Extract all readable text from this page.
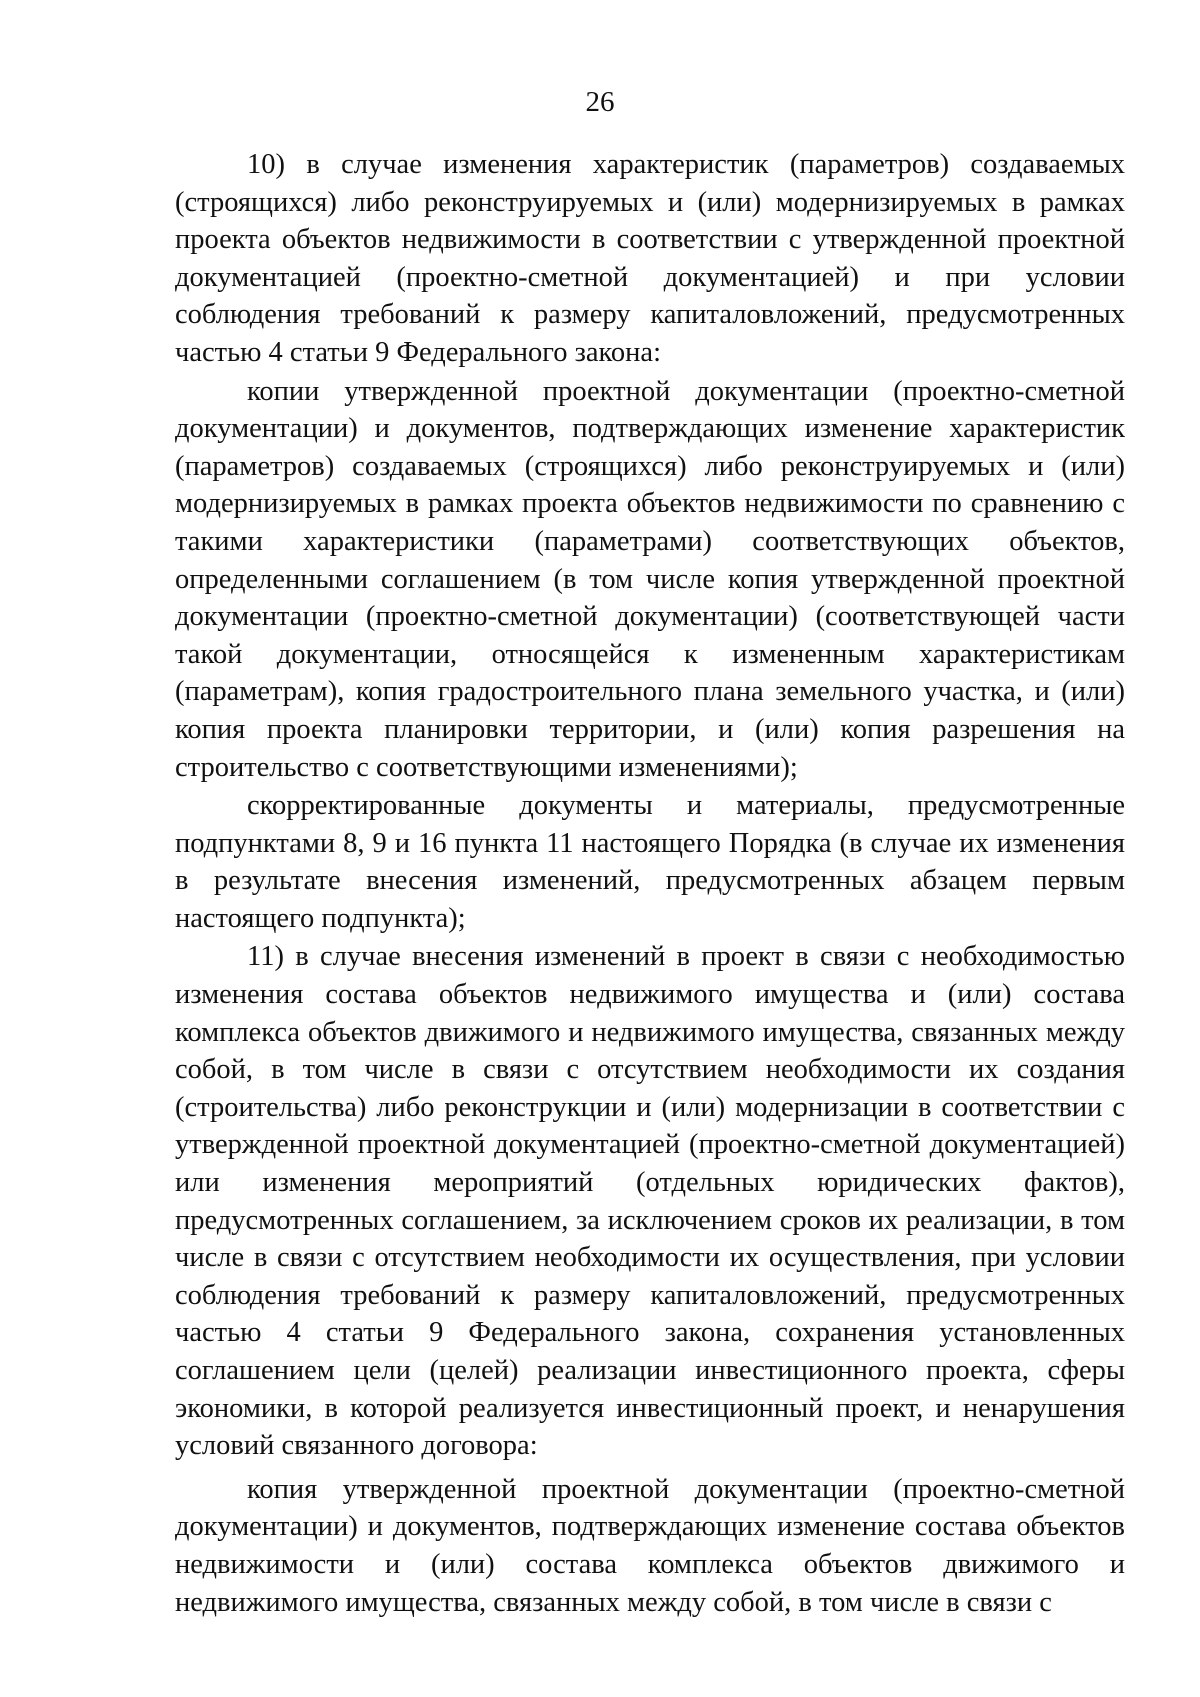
26

10) в случае изменения характеристик (параметров) создаваемых (строящихся) либо реконструируемых и (или) модернизируемых в рамках проекта объектов недвижимости в соответствии с утвержденной проектной документацией (проектно-сметной документацией) и при условии соблюдения требований к размеру капиталовложений, предусмотренных частью 4 статьи 9 Федерального закона:

копии утвержденной проектной документации (проектно-сметной документации) и документов, подтверждающих изменение характеристик (параметров) создаваемых (строящихся) либо реконструируемых и (или) модернизируемых в рамках проекта объектов недвижимости по сравнению с такими характеристики (параметрами) соответствующих объектов, определенными соглашением (в том числе копия утвержденной проектной документации (проектно-сметной документации) (соответствующей части такой документации, относящейся к измененным характеристикам (параметрам), копия градостроительного плана земельного участка, и (или) копия проекта планировки территории, и (или) копия разрешения на строительство с соответствующими изменениями);

скорректированные документы и материалы, предусмотренные подпунктами 8, 9 и 16 пункта 11 настоящего Порядка (в случае их изменения в результате внесения изменений, предусмотренных абзацем первым настоящего подпункта);

11) в случае внесения изменений в проект в связи с необходимостью изменения состава объектов недвижимого имущества и (или) состава комплекса объектов движимого и недвижимого имущества, связанных между собой, в том числе в связи с отсутствием необходимости их создания (строительства) либо реконструкции и (или) модернизации в соответствии с утвержденной проектной документацией (проектно-сметной документацией) или изменения мероприятий (отдельных юридических фактов), предусмотренных соглашением, за исключением сроков их реализации, в том числе в связи с отсутствием необходимости их осуществления, при условии соблюдения требований к размеру капиталовложений, предусмотренных частью 4 статьи 9 Федерального закона, сохранения установленных соглашением цели (целей) реализации инвестиционного проекта, сферы экономики, в которой реализуется инвестиционный проект, и ненарушения условий связанного договора:

копия утвержденной проектной документации (проектно-сметной документации) и документов, подтверждающих изменение состава объектов недвижимости и (или) состава комплекса объектов движимого и недвижимого имущества, связанных между собой, в том числе в связи с
